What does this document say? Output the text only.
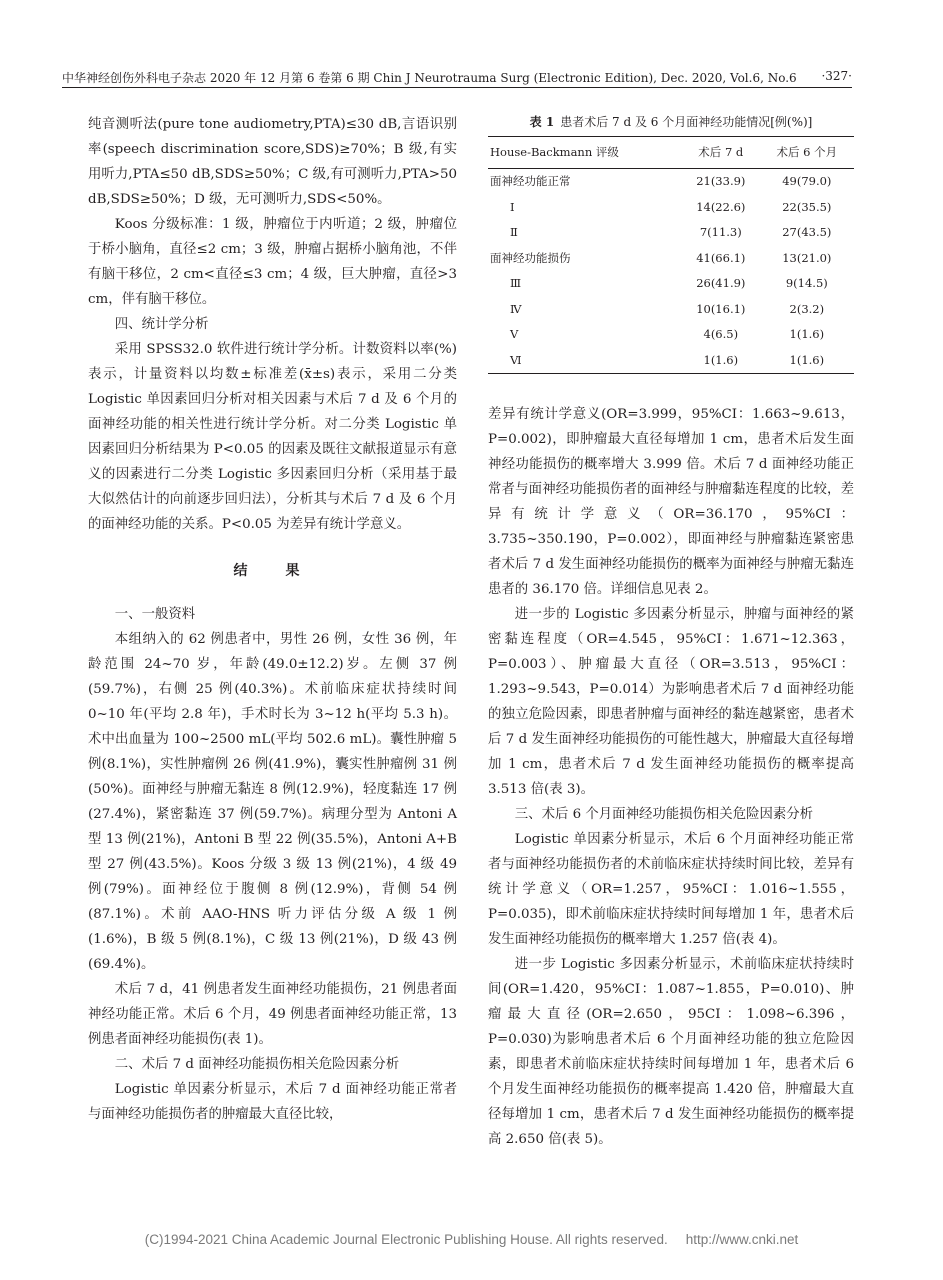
中华神经创伤外科电子杂志 2020 年 12 月第 6 卷第 6 期 Chin J Neurotrauma Surg (Electronic Edition), Dec. 2020, Vol.6, No.6 ·327·

纯音测听法(pure tone audiometry,PTA)≤30 dB,言语识别率(speech discrimination score,SDS)≥70%；B 级,有实用听力,PTA≤50 dB,SDS≥50%；C 级,有可测听力,PTA>50 dB,SDS≥50%；D 级，无可测听力,SDS<50%。

Koos 分级标准：1 级，肿瘤位于内听道；2 级，肿瘤位于桥小脑角，直径≤2 cm；3 级，肿瘤占据桥小脑角池，不伴有脑干移位，2 cm<直径≤3 cm；4 级，巨大肿瘤，直径>3 cm，伴有脑干移位。

四、统计学分析

采用 SPSS32.0 软件进行统计学分析。计数资料以率(%)表示，计量资料以均数±标准差(x̄±s)表示，采用二分类 Logistic 单因素回归分析对相关因素与术后 7 d 及 6 个月的面神经功能的相关性进行统计学分析。对二分类 Logistic 单因素回归分析结果为 P<0.05 的因素及既往文献报道显示有意义的因素进行二分类 Logistic 多因素回归分析（采用基于最大似然估计的向前逐步回归法），分析其与术后 7 d 及 6 个月的面神经功能的关系。P<0.05 为差异有统计学意义。

结　果

一、一般资料

本组纳入的 62 例患者中，男性 26 例，女性 36 例，年龄范围 24~70 岁，年龄(49.0±12.2)岁。左侧 37 例(59.7%)，右侧 25 例(40.3%)。术前临床症状持续时间 0~10 年(平均 2.8 年)，手术时长为 3~12 h(平均 5.3 h)。术中出血量为 100~2500 mL(平均 502.6 mL)。囊性肿瘤 5 例(8.1%)，实性肿瘤例 26 例(41.9%)，囊实性肿瘤例 31 例 (50%)。面神经与肿瘤无黏连 8 例(12.9%)，轻度黏连 17 例 (27.4%)，紧密黏连 37 例(59.7%)。病理分型为 Antoni A 型 13 例(21%)，Antoni B 型 22 例(35.5%)，Antoni A+B 型 27 例(43.5%)。Koos 分级 3 级 13 例(21%)，4 级 49 例(79%)。面神经位于腹侧 8 例(12.9%)，背侧 54 例(87.1%)。术前 AAO-HNS 听力评估分级 A 级 1 例(1.6%)，B 级 5 例(8.1%)，C 级 13 例(21%)，D 级 43 例(69.4%)。

术后 7 d，41 例患者发生面神经功能损伤，21 例患者面神经功能正常。术后 6 个月，49 例患者面神经功能正常，13 例患者面神经功能损伤(表 1)。

二、术后 7 d 面神经功能损伤相关危险因素分析

Logistic 单因素分析显示，术后 7 d 面神经功能正常者与面神经功能损伤者的肿瘤最大直径比较，

表 1 患者术后 7 d 及 6 个月面神经功能情况[例(%)]
House-Backmann 评级	术后 7 d	术后 6 个月
面神经功能正常	21(33.9)	49(79.0)
Ⅰ	14(22.6)	22(35.5)
Ⅱ	7(11.3)	27(43.5)
面神经功能损伤	41(66.1)	13(21.0)
Ⅲ	26(41.9)	9(14.5)
Ⅳ	10(16.1)	2(3.2)
Ⅴ	4(6.5)	1(1.6)
Ⅵ	1(1.6)	1(1.6)

差异有统计学意义(OR=3.999，95%CI：1.663~9.613，P=0.002)，即肿瘤最大直径每增加 1 cm，患者术后发生面神经功能损伤的概率增大 3.999 倍。术后 7 d 面神经功能正常者与面神经功能损伤者的面神经与肿瘤黏连程度的比较，差异有统计学意义（OR=36.170，95%CI：3.735~350.190，P=0.002），即面神经与肿瘤黏连紧密患者术后 7 d 发生面神经功能损伤的概率为面神经与肿瘤无黏连患者的 36.170 倍。详细信息见表 2。

进一步的 Logistic 多因素分析显示，肿瘤与面神经的紧密黏连程度（OR=4.545，95%CI：1.671~12.363，P=0.003）、肿瘤最大直径（OR=3.513，95%CI：1.293~9.543，P=0.014）为影响患者术后 7 d 面神经功能的独立危险因素，即患者肿瘤与面神经的黏连越紧密，患者术后 7 d 发生面神经功能损伤的可能性越大，肿瘤最大直径每增加 1 cm，患者术后 7 d 发生面神经功能损伤的概率提高 3.513 倍(表 3)。

三、术后 6 个月面神经功能损伤相关危险因素分析

Logistic 单因素分析显示，术后 6 个月面神经功能正常者与面神经功能损伤者的术前临床症状持续时间比较，差异有统计学意义（OR=1.257，95%CI：1.016~1.555，P=0.035)，即术前临床症状持续时间每增加 1 年，患者术后发生面神经功能损伤的概率增大 1.257 倍(表 4)。

进一步 Logistic 多因素分析显示，术前临床症状持续时间(OR=1.420，95%CI：1.087~1.855，P=0.010)、肿瘤最大直径(OR=2.650，95CI：1.098~6.396，P=0.030)为影响患者术后 6 个月面神经功能的独立危险因素，即患者术前临床症状持续时间每增加 1 年，患者术后 6 个月发生面神经功能损伤的概率提高 1.420 倍，肿瘤最大直径每增加 1 cm，患者术后 7 d 发生面神经功能损伤的概率提高 2.650 倍(表 5)。

(C)1994-2021 China Academic Journal Electronic Publishing House. All rights reserved. http://www.cnki.net
